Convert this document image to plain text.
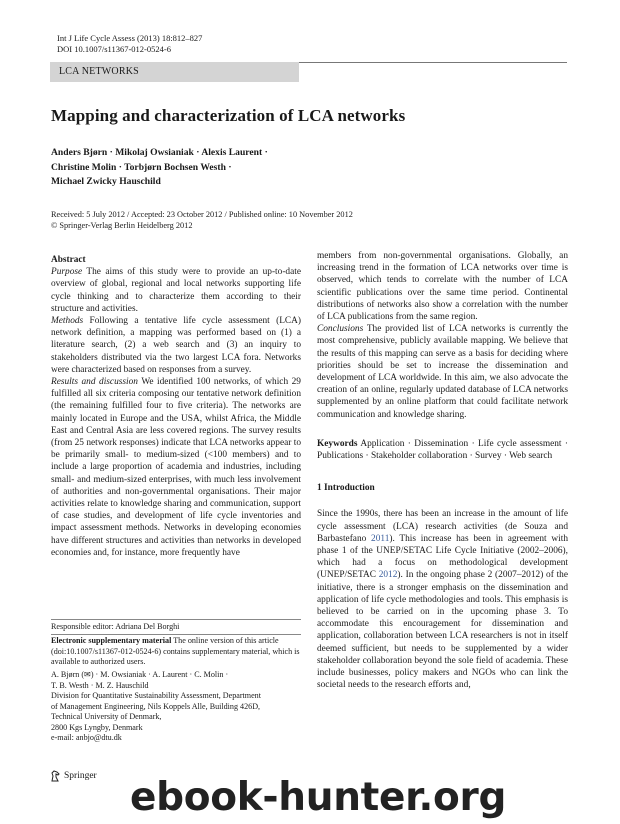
Int J Life Cycle Assess (2013) 18:812–827
DOI 10.1007/s11367-012-0524-6
LCA NETWORKS
Mapping and characterization of LCA networks
Anders Bjørn · Mikolaj Owsianiak · Alexis Laurent ·
Christine Molin · Torbjørn Bochsen Westh ·
Michael Zwicky Hauschild
Received: 5 July 2012 / Accepted: 23 October 2012 / Published online: 10 November 2012
© Springer-Verlag Berlin Heidelberg 2012

Abstract

Purpose The aims of this study were to provide an up-to-date overview of global, regional and local networks supporting life cycle thinking and to characterize them according to their structure and activities.

Methods Following a tentative life cycle assessment (LCA) network definition, a mapping was performed based on (1) a literature search, (2) a web search and (3) an inquiry to stakeholders distributed via the two largest LCA fora. Networks were characterized based on responses from a survey.

Results and discussion We identified 100 networks, of which 29 fulfilled all six criteria composing our tentative network definition (the remaining fulfilled four to five criteria). The networks are mainly located in Europe and the USA, whilst Africa, the Middle East and Central Asia are less covered regions. The survey results (from 25 network responses) indicate that LCA networks appear to be primarily small- to medium-sized (<100 members) and to include a large proportion of academia and industries, including small- and medium-sized enterprises, with much less involvement of authorities and non-governmental organisations. Their major activities relate to knowledge sharing and communication, support of case studies, and development of life cycle inventories and impact assessment methods. Networks in developing economies have different structures and activities than networks in developed economies and, for instance, more frequently have

members from non-governmental organisations. Globally, an increasing trend in the formation of LCA networks over time is observed, which tends to correlate with the number of LCA scientific publications over the same time period. Continental distributions of networks also show a correlation with the number of LCA publications from the same region.

Conclusions The provided list of LCA networks is currently the most comprehensive, publicly available mapping. We believe that the results of this mapping can serve as a basis for deciding where priorities should be set to increase the dissemination and development of LCA worldwide. In this aim, we also advocate the creation of an online, regularly updated database of LCA networks supplemented by an online platform that could facilitate network communication and knowledge sharing.

Keywords Application · Dissemination · Life cycle assessment · Publications · Stakeholder collaboration · Survey · Web search

1 Introduction

Since the 1990s, there has been an increase in the amount of life cycle assessment (LCA) research activities (de Souza and Barbastefano 2011). This increase has been in agreement with phase 1 of the UNEP/SETAC Life Cycle Initiative (2002–2006), which had a focus on methodological development (UNEP/SETAC 2012). In the ongoing phase 2 (2007–2012) of the initiative, there is a stronger emphasis on the dissemination and application of life cycle methodologies and tools. This emphasis is believed to be carried on in the upcoming phase 3. To accommodate this encouragement for dissemination and application, collaboration between LCA researchers is not in itself deemed sufficient, but needs to be supplemented by a wider stakeholder collaboration beyond the sole field of academia. These include businesses, policy makers and NGOs who can link the societal needs to the research efforts and,

Responsible editor: Adriana Del Borghi
Electronic supplementary material The online version of this article (doi:10.1007/s11367-012-0524-6) contains supplementary material, which is available to authorized users.
A. Bjørn (✉) · M. Owsianiak · A. Laurent · C. Molin ·
T. B. Westh · M. Z. Hauschild
Division for Quantitative Sustainability Assessment, Department
of Management Engineering, Nils Koppels Alle, Building 426D,
Technical University of Denmark,
2800 Kgs Lyngby, Denmark
e-mail: anbjo@dtu.dk
Springer ebook-hunter.org
